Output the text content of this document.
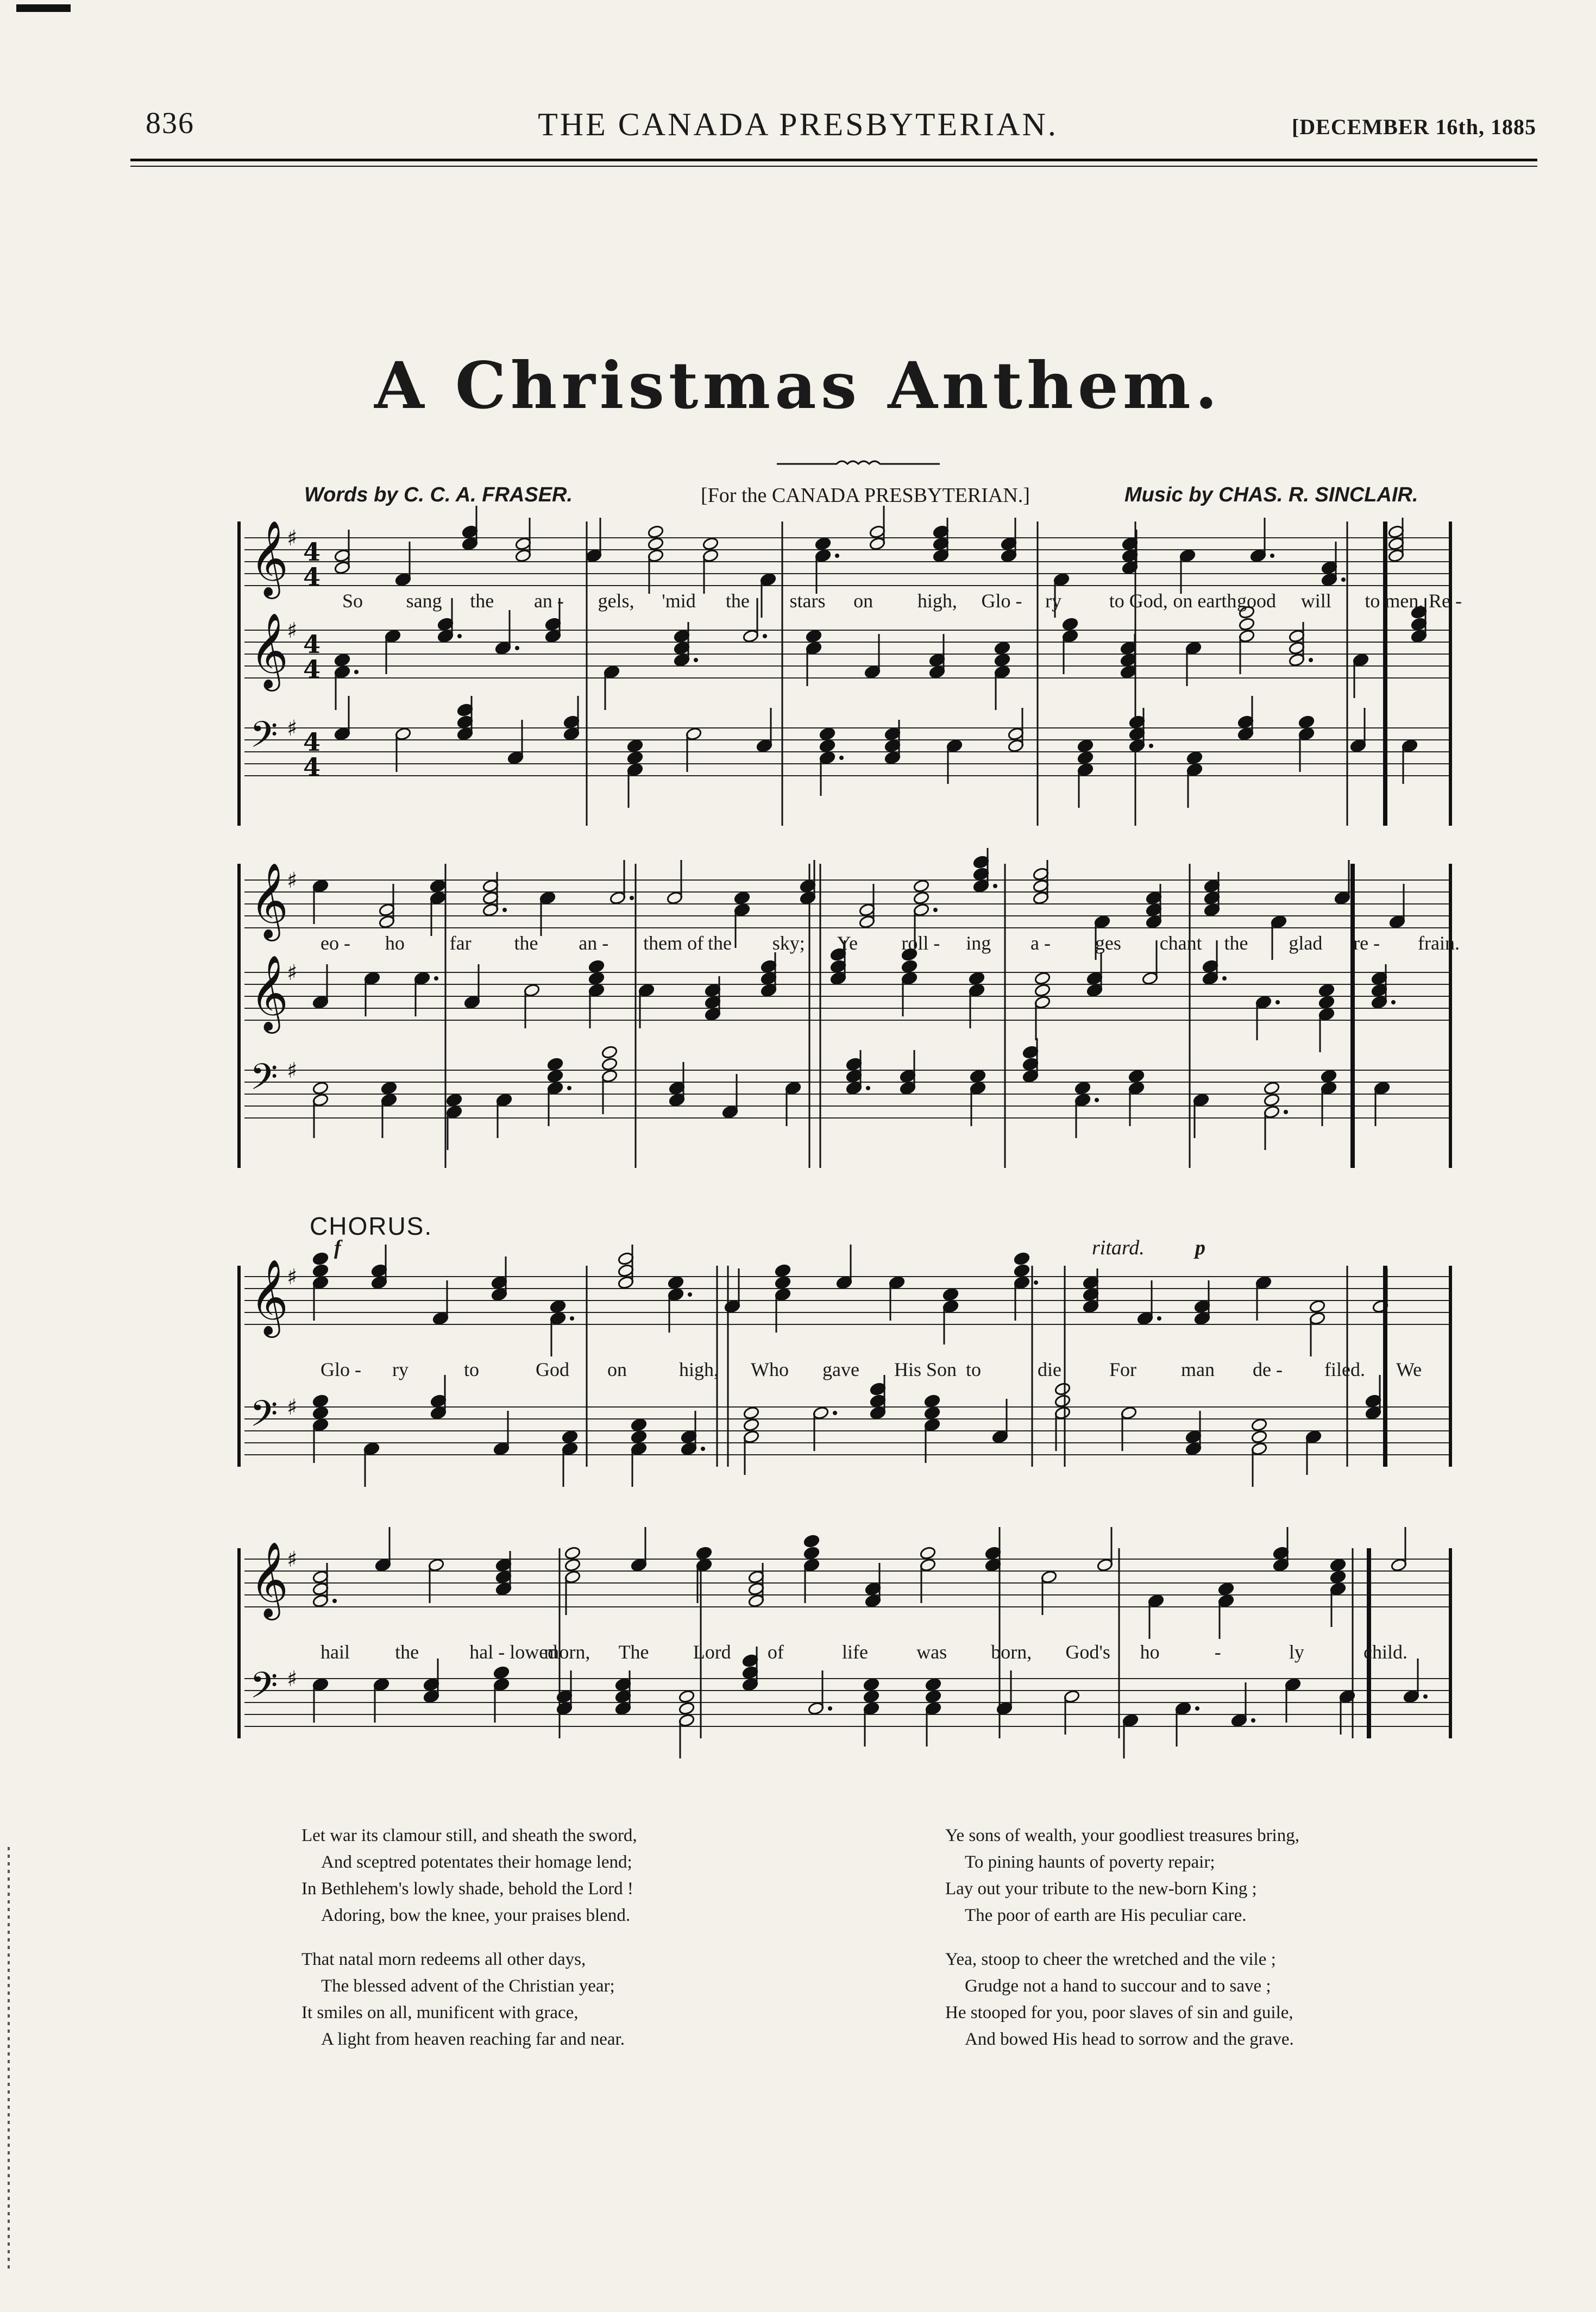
836	THE CANADA PRESBYTERIAN.	[DECEMBER 16th, 1885
A Christmas Anthem.
Words by C. C. A. FRASER.	[For the CANADA PRESBYTERIAN.]	Music by CHAS. R. SINCLAIR.
𝄞
♯ 4
4
𝄞
♯ 4
4
𝄢 ♯ 4
4
So sang the an - gels, 'mid the stars on high, Glo - ry to God, on earth good will to men, Re -
𝄞
♯
𝄞
♯
𝄢 ♯
eo - ho far the an - them of the sky; Ye roll - ing a - ges chant the glad re - frain.
CHORUS.
f	ritard. p
𝄞
♯
𝄢 ♯
Glo - ry	to	God on	high, Who gave His Son to	die For man de - filed. We
𝄞
♯
𝄢 ♯
hail the	hal - lowed
morn, The Lord of	life was born, God's ho	-	ly	child.
Let war its clamour still, and sheath the sword,
And sceptred potentates their homage lend;
In Bethlehem's lowly shade, behold the Lord !
Adoring, bow the knee, your praises blend.
That natal morn redeems all other days,
The blessed advent of the Christian year;
It smiles on all, munificent with grace,
A light from heaven reaching far and near.
Ye sons of wealth, your goodliest treasures bring,
To pining haunts of poverty repair;
Lay out your tribute to the new-born King ;
The poor of earth are His peculiar care.
Yea, stoop to cheer the wretched and the vile ;
Grudge not a hand to succour and to save ;
He stooped for you, poor slaves of sin and guile,
And bowed His head to sorrow and the grave.
